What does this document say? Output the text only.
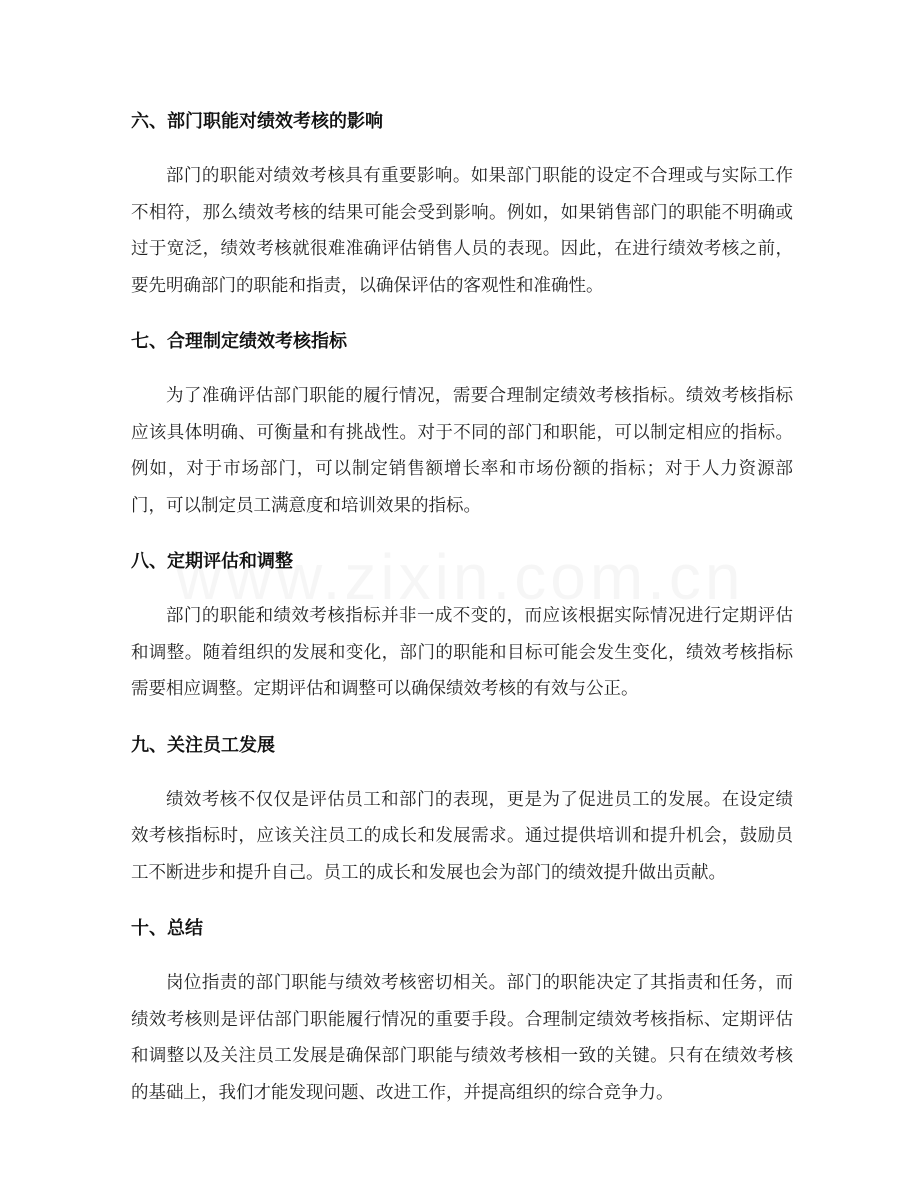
六、部门职能对绩效考核的影响

部门的职能对绩效考核具有重要影响。如果部门职能的设定不合理或与实际工作不相符，那么绩效考核的结果可能会受到影响。例如，如果销售部门的职能不明确或过于宽泛，绩效考核就很难准确评估销售人员的表现。因此，在进行绩效考核之前，要先明确部门的职能和指责，以确保评估的客观性和准确性。

七、合理制定绩效考核指标

为了准确评估部门职能的履行情况，需要合理制定绩效考核指标。绩效考核指标应该具体明确、可衡量和有挑战性。对于不同的部门和职能，可以制定相应的指标。例如，对于市场部门，可以制定销售额增长率和市场份额的指标；对于人力资源部门，可以制定员工满意度和培训效果的指标。

八、定期评估和调整

部门的职能和绩效考核指标并非一成不变的，而应该根据实际情况进行定期评估和调整。随着组织的发展和变化，部门的职能和目标可能会发生变化，绩效考核指标需要相应调整。定期评估和调整可以确保绩效考核的有效与公正。

九、关注员工发展

绩效考核不仅仅是评估员工和部门的表现，更是为了促进员工的发展。在设定绩效考核指标时，应该关注员工的成长和发展需求。通过提供培训和提升机会，鼓励员工不断进步和提升自己。员工的成长和发展也会为部门的绩效提升做出贡献。

十、总结

岗位指责的部门职能与绩效考核密切相关。部门的职能决定了其指责和任务，而绩效考核则是评估部门职能履行情况的重要手段。合理制定绩效考核指标、定期评估和调整以及关注员工发展是确保部门职能与绩效考核相一致的关键。只有在绩效考核的基础上，我们才能发现问题、改进工作，并提高组织的综合竞争力。
